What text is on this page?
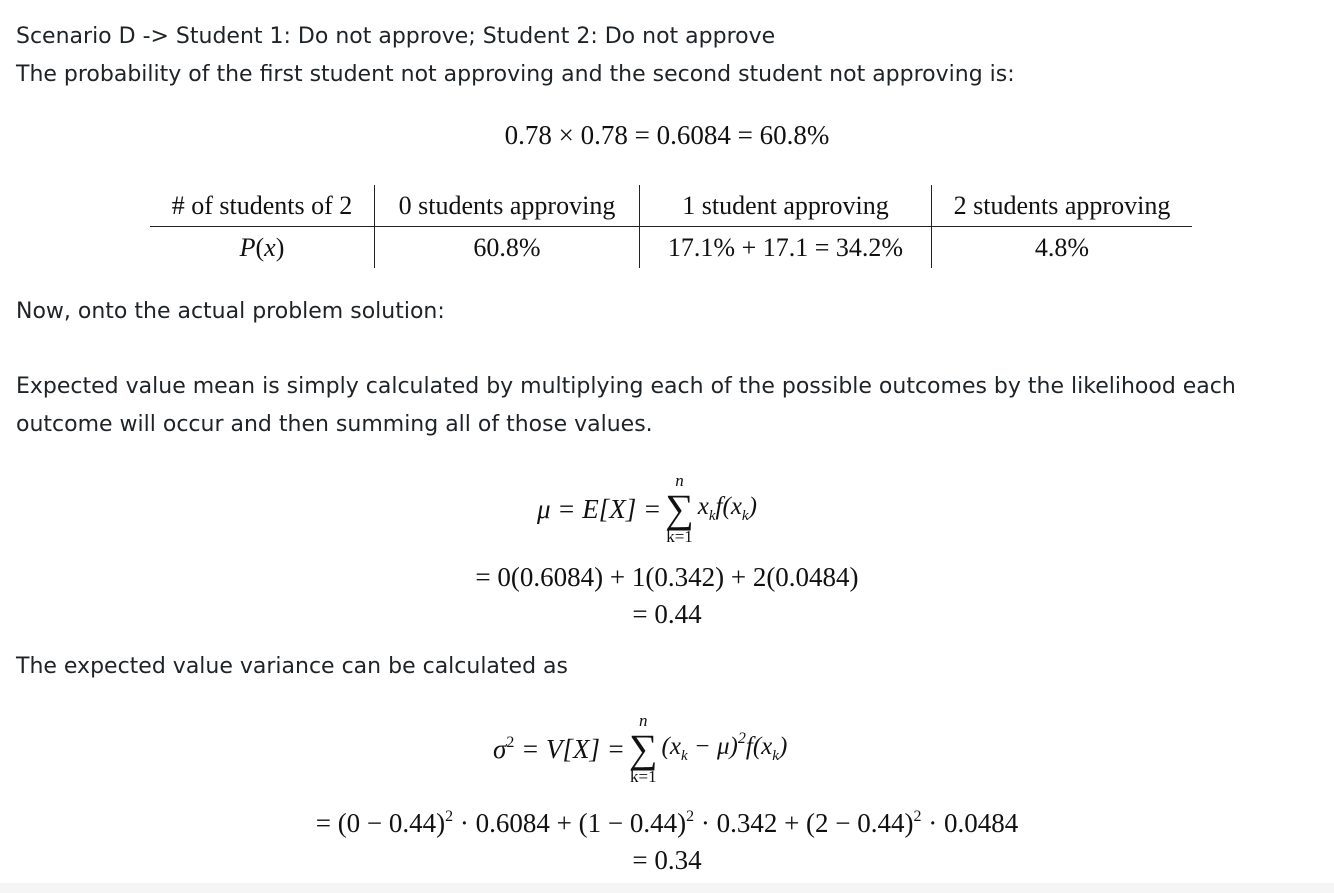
Scenario D -> Student 1: Do not approve; Student 2: Do not approve
The probability of the first student not approving and the second student not approving is:
0.78 × 0.78 = 0.6084 = 60.8%
# of students of 2	0 students approving	1 student approving	2 students approving
P(x)	60.8%	17.1% + 17.1 = 34.2%	4.8%
Now, onto the actual problem solution:
Expected value mean is simply calculated by multiplying each of the possible outcomes by the likelihood each
outcome will occur and then summing all of those values.
μ = E[X] =
n
∑
k=1
$x_kf(x_k)$
= 0(0.6084) + 1(0.342) + 2(0.0484)
= 0.44
The expected value variance can be calculated as
$\sigma^2 = V[X]$ =
n
∑
k=1
$(x_k - \mu)^2f(x_k)$
= $(0 - 0.44)^2 \cdot 0.6084 + (1 - 0.44)^2 \cdot 0.342 + (2 - 0.44)^2 \cdot 0.0484$
= 0.34
